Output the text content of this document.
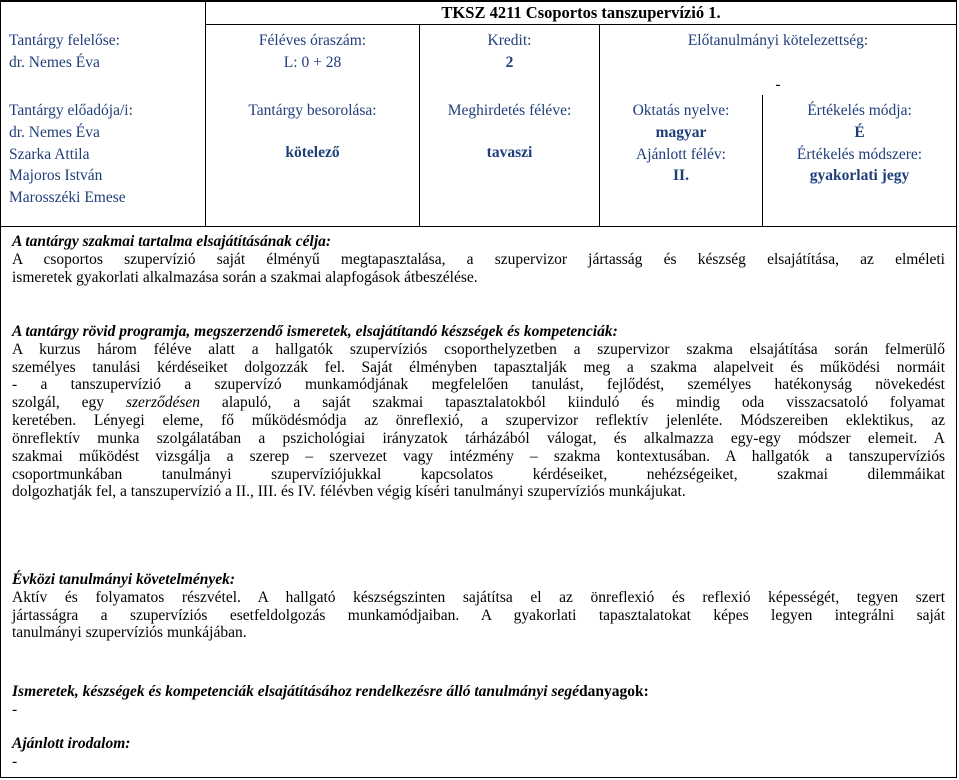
TKSZ 4211 Csoportos tanszupervízió 1.
Tantárgy felelőse:
dr. Nemes Éva
Féléves óraszám:
L: 0 + 28
Kredit:
2
Előtanulmányi kötelezettség:
-
Tantárgy előadója/i:
dr. Nemes Éva
Szarka Attila
Majoros István
Marosszéki Emese
Tantárgy besorolása:
kötelező
Meghirdetés féléve:
tavaszi
Oktatás nyelve:
magyar
Ajánlott félév:
II.
Értékelés módja:
É
Értékelés módszere:
gyakorlati jegy
A tantárgy szakmai tartalma elsajátításának célja:
A csoportos szupervízió saját élményű megtapasztalása, a szupervizor jártasság és készség elsajátítása, az elméleti
ismeretek gyakorlati alkalmazása során a szakmai alapfogások átbeszélése.
A tantárgy rövid programja, megszerzendő ismeretek, elsajátítandó készségek és kompetenciák:
A kurzus három féléve alatt a hallgatók szupervíziós csoporthelyzetben a szupervizor szakma elsajátítása során felmerülő
személyes tanulási kérdéseiket dolgozzák fel. Saját élményben tapasztalják meg a szakma alapelveit és működési normáit
- a tanszupervízió a szupervízó munkamódjának megfelelően tanulást, fejlődést, személyes hatékonyság növekedést
szolgál, egy szerződésen alapuló, a saját szakmai tapasztalatokból kiinduló és mindig oda visszacsatoló folyamat
keretében. Lényegi eleme, fő működésmódja az önreflexió, a szupervizor reflektív jelenléte. Módszereiben eklektikus, az
önreflektív munka szolgálatában a pszichológiai irányzatok tárházából válogat, és alkalmazza egy-egy módszer elemeit. A
szakmai működést vizsgálja a szerep – szervezet vagy intézmény – szakma kontextusában. A hallgatók a tanszupervíziós
csoportmunkában tanulmányi szupervíziójukkal kapcsolatos kérdéseiket, nehézségeiket, szakmai dilemmáikat
dolgozhatják fel, a tanszupervízió a II., III. és IV. félévben végig kíséri tanulmányi szupervíziós munkájukat.
Évközi tanulmányi követelmények:
Aktív és folyamatos részvétel. A hallgató készségszinten sajátítsa el az önreflexió és reflexió képességét, tegyen szert
jártasságra a szupervíziós esetfeldolgozás munkamódjaiban. A gyakorlati tapasztalatokat képes legyen integrálni saját
tanulmányi szupervíziós munkájában.
Ismeretek, készségek és kompetenciák elsajátításához rendelkezésre álló tanulmányi segédanyagok:
-
Ajánlott irodalom:
-
